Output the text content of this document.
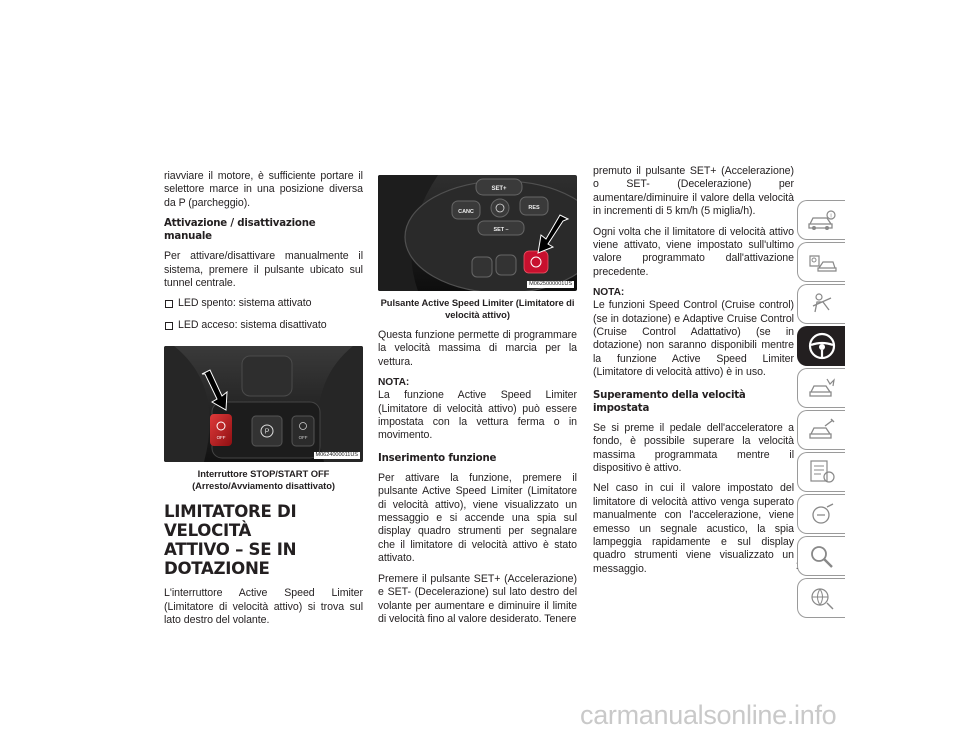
riavviare il motore, è sufficiente portare il selettore marce in una posizione diversa da P (parcheggio).

Attivazione / disattivazione manuale

Per attivare/disattivare manualmente il sistema, premere il pulsante ubicato sul tunnel centrale.

LED spento: sistema attivato
LED acceso: sistema disattivato
OFF
P
OFF
M0624000011US
Interruttore STOP/START OFF
(Arresto/Avviamento disattivato)
LIMITATORE DI VELOCITÀ
ATTIVO – SE IN DOTAZIONE

L'interruttore Active Speed Limiter (Limitatore di velocità attivo) si trova sul lato destro del volante.

SET+
CANC
RES
SET –
M0625000001US
Pulsante Active Speed Limiter (Limitatore di
velocità attivo)

Questa funzione permette di programmare la velocità massima di marcia per la vettura.

NOTA:

La funzione Active Speed Limiter (Limitatore di velocità attivo) può essere impostata con la vettura ferma o in movimento.

Inserimento funzione

Per attivare la funzione, premere il pulsante Active Speed Limiter (Limitatore di velocità attivo), viene visualizzato un messaggio e si accende una spia sul display quadro strumenti per segnalare che il limitatore di velocità attivo è stato attivato.

Premere il pulsante SET+ (Accelerazione) e SET- (Decelerazione) sul lato destro del volante per aumentare e diminuire il limite di velocità fino al valore desiderato. Tenere

premuto il pulsante SET+ (Accelerazione) o SET- (Decelerazione) per aumentare/diminuire il valore della velocità in incrementi di 5 km/h (5 miglia/h).

Ogni volta che il limitatore di velocità attivo viene attivato, viene impostato sull'ultimo valore programmato dall'attivazione precedente.

NOTA:

Le funzioni Speed Control (Cruise control) (se in dotazione) e Adaptive Cruise Control (Cruise Control Adattativo) (se in dotazione) non saranno disponibili mentre la funzione Active Speed Limiter (Limitatore di velocità attivo) è in uso.

Superamento della velocità impostata

Se si preme il pedale dell'acceleratore a fondo, è possibile superare la velocità massima programmata mentre il dispositivo è attivo.

Nel caso in cui il valore impostato del limitatore di velocità attivo venga superato manualmente con l'accelerazione, viene emesso un segnale acustico, la spia lampeggia rapidamente e sul display quadro strumenti viene visualizzato un messaggio.

i
carmanualsonline.info
